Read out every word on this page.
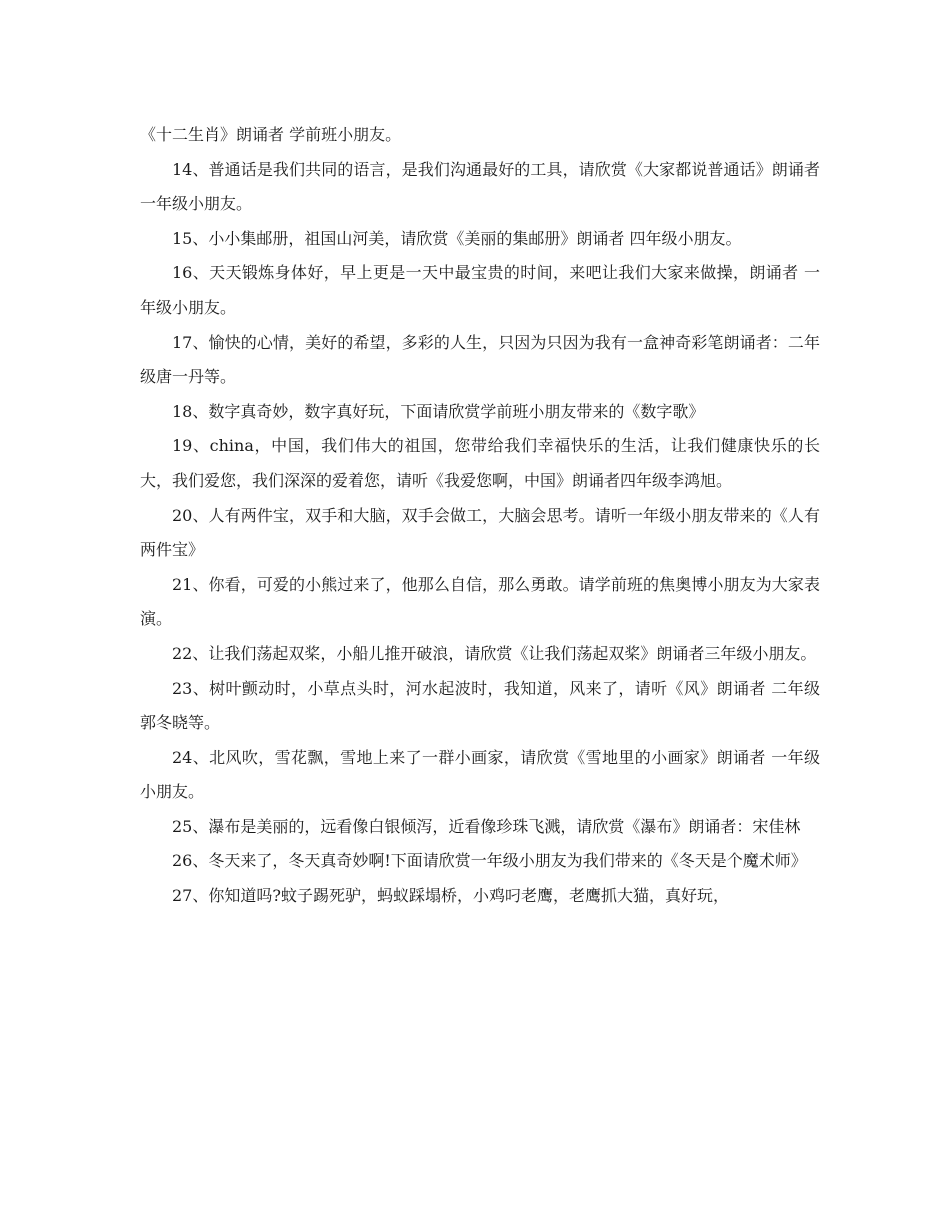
《十二生肖》朗诵者 学前班小朋友。

14、普通话是我们共同的语言，是我们沟通最好的工具，请欣赏《大家都说普通话》朗诵者 一年级小朋友。

15、小小集邮册，祖国山河美，请欣赏《美丽的集邮册》朗诵者 四年级小朋友。

16、天天锻炼身体好，早上更是一天中最宝贵的时间，来吧让我们大家来做操，朗诵者 一年级小朋友。

17、愉快的心情，美好的希望，多彩的人生，只因为只因为我有一盒神奇彩笔朗诵者：二年级唐一丹等。

18、数字真奇妙，数字真好玩，下面请欣赏学前班小朋友带来的《数字歌》

19、china，中国，我们伟大的祖国，您带给我们幸福快乐的生活，让我们健康快乐的长大，我们爱您，我们深深的爱着您，请听《我爱您啊，中国》朗诵者四年级李鸿旭。

20、人有两件宝，双手和大脑，双手会做工，大脑会思考。请听一年级小朋友带来的《人有两件宝》

21、你看，可爱的小熊过来了，他那么自信，那么勇敢。请学前班的焦奥博小朋友为大家表演。

22、让我们荡起双桨，小船儿推开破浪，请欣赏《让我们荡起双桨》朗诵者三年级小朋友。

23、树叶颤动时，小草点头时，河水起波时，我知道，风来了，请听《风》朗诵者 二年级 郭冬晓等。

24、北风吹，雪花飘，雪地上来了一群小画家，请欣赏《雪地里的小画家》朗诵者 一年级小朋友。

25、瀑布是美丽的，远看像白银倾泻，近看像珍珠飞溅，请欣赏《瀑布》朗诵者：宋佳林

26、冬天来了，冬天真奇妙啊!下面请欣赏一年级小朋友为我们带来的《冬天是个魔术师》

27、你知道吗?蚊子踢死驴，蚂蚁踩塌桥，小鸡叼老鹰，老鹰抓大猫，真好玩，
